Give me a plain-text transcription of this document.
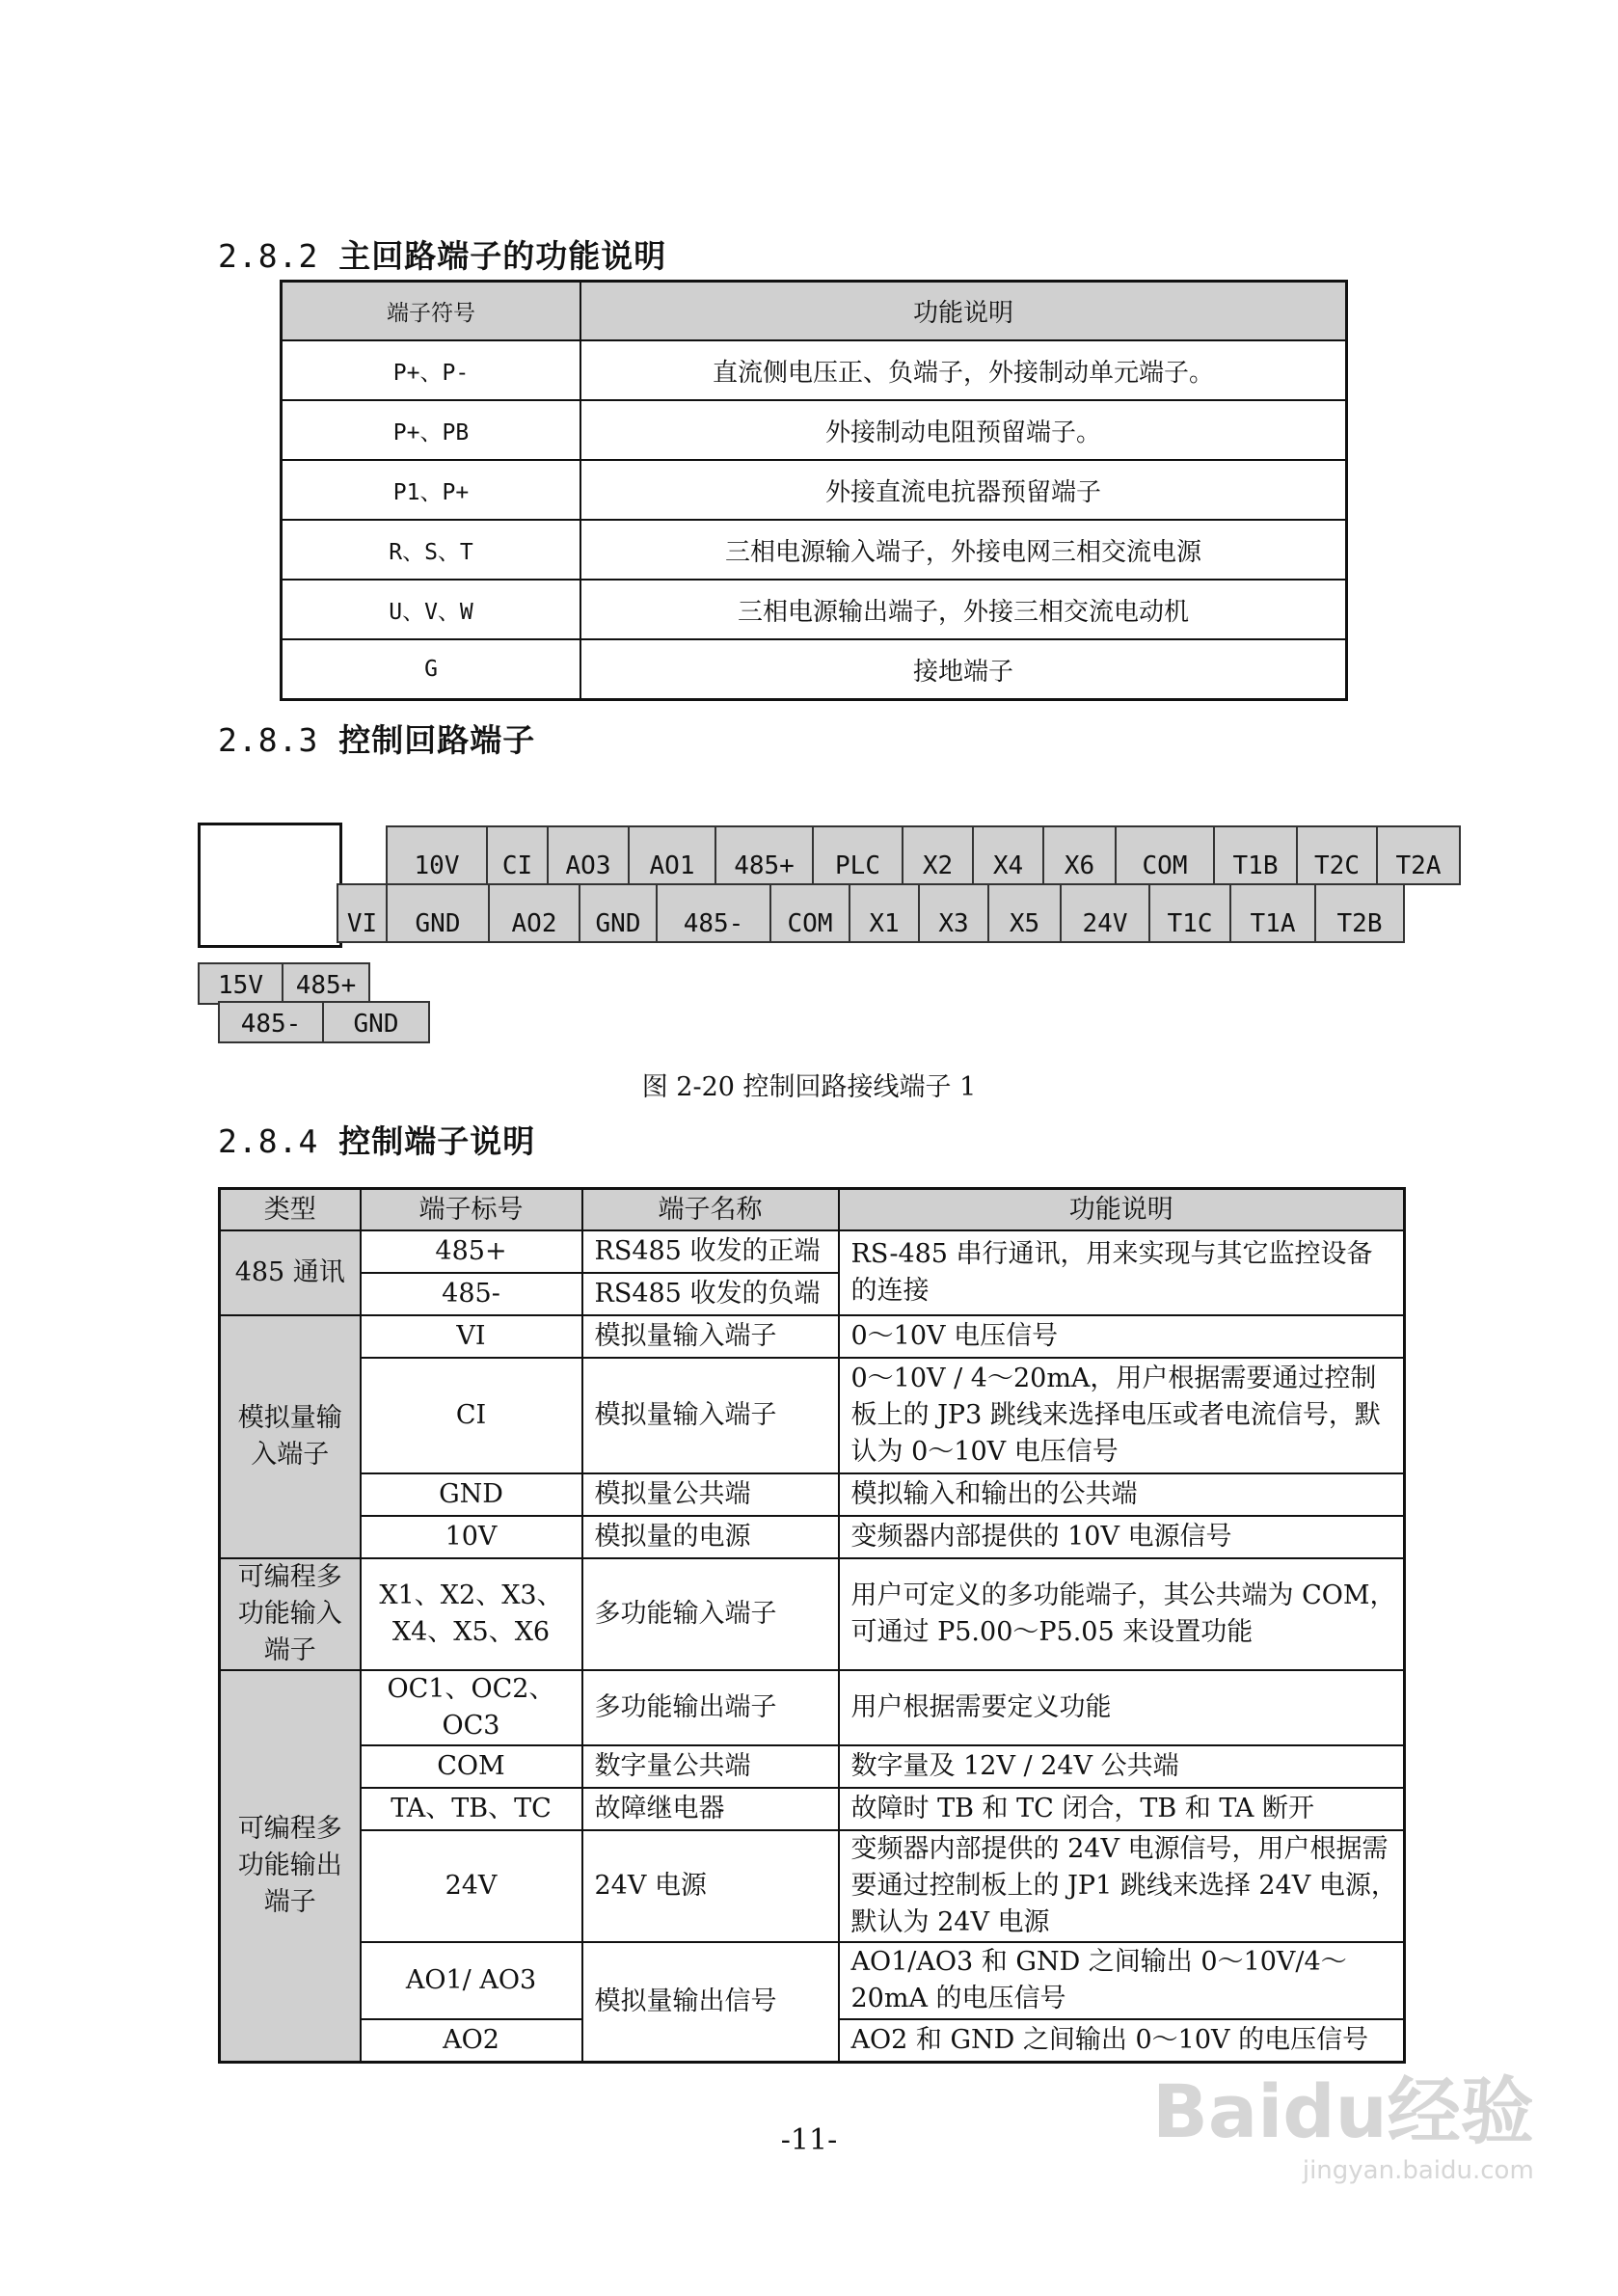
2.8.2 主回路端子的功能说明
端子符号	功能说明
P+、P-	直流侧电压正、负端子，外接制动单元端子。
P+、PB	外接制动电阻预留端子。
P1、P+	外接直流电抗器预留端子
R、S、T	三相电源输入端子，外接电网三相交流电源
U、V、W	三相电源输出端子，外接三相交流电动机
G	接地端子
2.8.3 控制回路端子
10V	CI	AO3	AO1	485+	PLC	X2	X4	X6	COM	T1B	T2C	T2A
VI	GND	AO2	GND	485-	COM	X1	X3	X5	24V	T1C	T1A	T2B
15V	485+
485-	GND
图 2-20 控制回路接线端子 1
2.8.4 控制端子说明
类型	端子标号	端子名称	功能说明
485 通讯	485+	RS485 收发的正端	RS-485 串行通讯，用来实现与其它监控设备的连接
	485-	RS485 收发的负端	
模拟量输入端子	VI	模拟量输入端子	0～10V 电压信号
	CI	模拟量输入端子	0～10V / 4～20mA，用户根据需要通过控制板上的 JP3 跳线来选择电压或者电流信号，默认为 0～10V 电压信号
	GND	模拟量公共端	模拟输入和输出的公共端
	10V	模拟量的电源	变频器内部提供的 10V 电源信号
可编程多功能输入端子	X1、X2、X3、X4、X5、X6	多功能输入端子	用户可定义的多功能端子，其公共端为 COM，可通过 P5.00～P5.05 来设置功能
可编程多功能输出端子	OC1、OC2、OC3	多功能输出端子	用户根据需要定义功能
	COM	数字量公共端	数字量及 12V / 24V 公共端
	TA、TB、TC	故障继电器	故障时 TB 和 TC 闭合，TB 和 TA 断开
	24V	24V 电源	变频器内部提供的 24V 电源信号，用户根据需要通过控制板上的 JP1 跳线来选择 24V 电源，默认为 24V 电源
	AO1/ AO3	模拟量输出信号	AO1/AO3 和 GND 之间输出 0～10V/4～20mA 的电压信号
	AO2		AO2 和 GND 之间输出 0～10V 的电压信号
-11-	Baidu经验
jingyan.baidu.com
